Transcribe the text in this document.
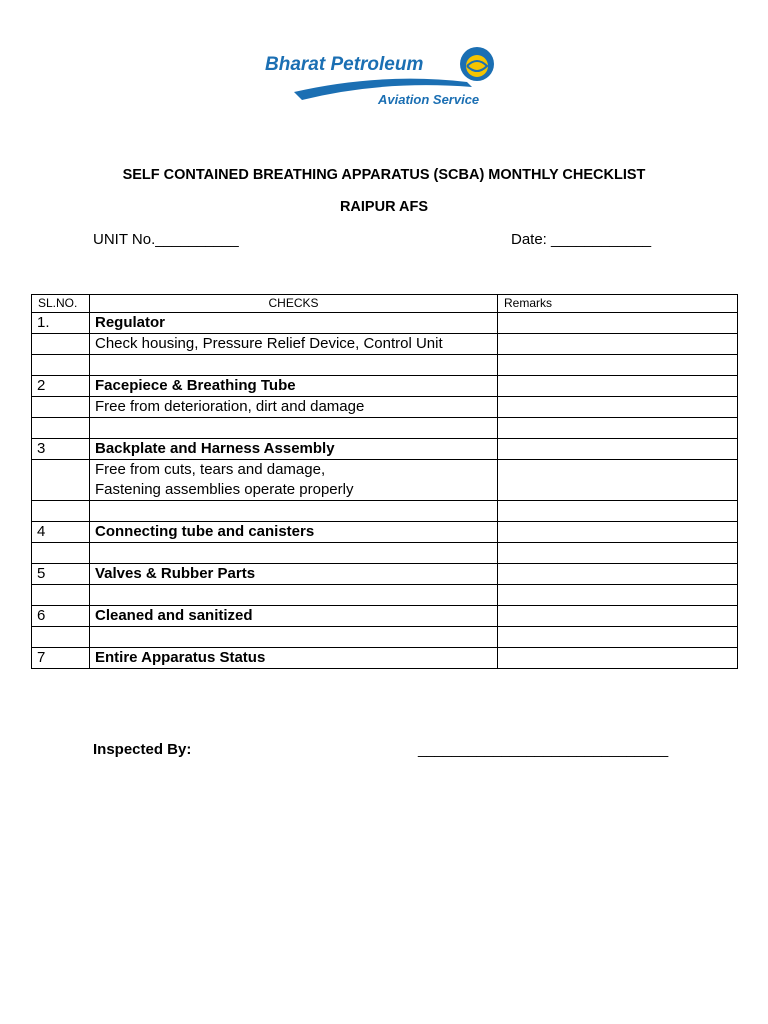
Bharat Petroleum
Aviation Service
SELF CONTAINED BREATHING APPARATUS (SCBA) MONTHLY CHECKLIST
RAIPUR AFS
UNIT No.__________	Date: ____________
SL.NO.	CHECKS	Remarks
1.	Regulator	

	Check housing, Pressure Relief Device, Control Unit	

2	Facepiece & Breathing Tube	

	Free from deterioration, dirt and damage	

3	Backplate and Harness Assembly	

	Free from cuts, tears and damage,
Fastening assemblies operate properly	

4	Connecting tube and canisters	

5	Valves & Rubber Parts	

6	Cleaned and sanitized	

7	Entire Apparatus Status	

Inspected By:	______________________________
